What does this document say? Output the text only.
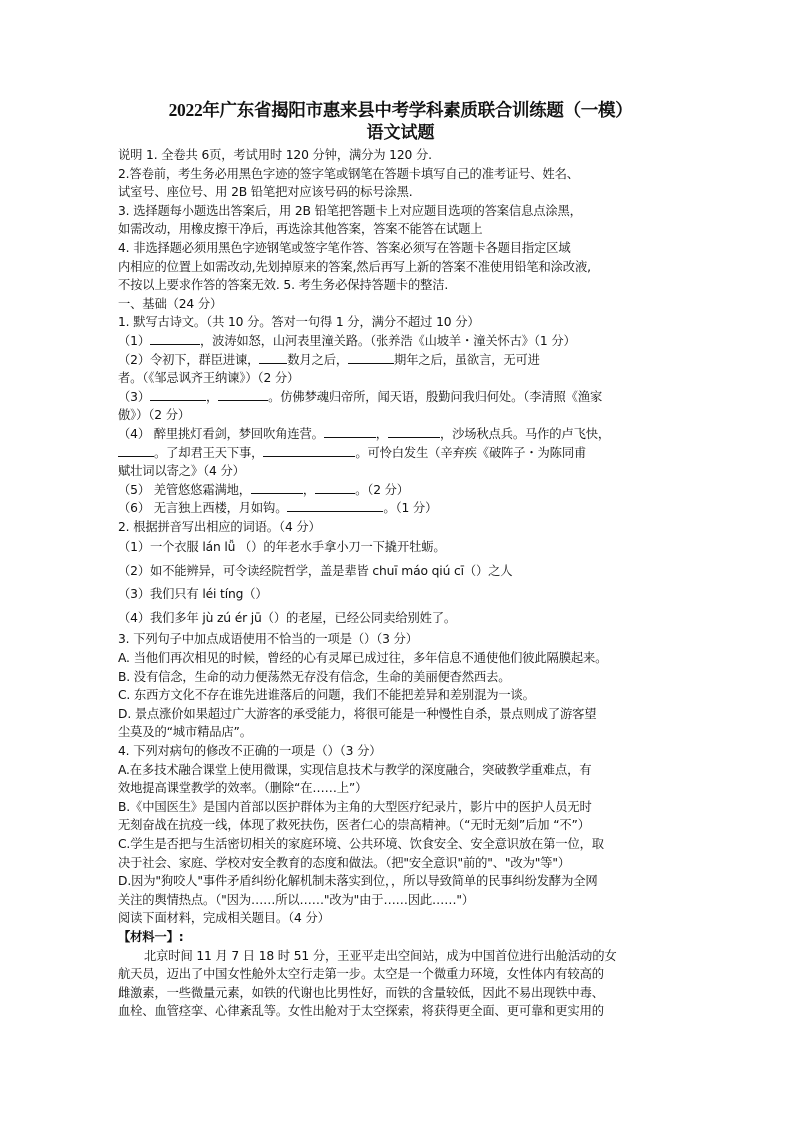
2022年广东省揭阳市惠来县中考学科素质联合训练题（一模）
语文试题
说明 1. 全卷共 6页，考试用时 120 分钟，满分为 120 分.
2.答卷前，考生务必用黑色字迹的签字笔或钢笔在答题卡填写自己的准考证号、姓名、
试室号、座位号、用 2B 铅笔把对应该号码的标号涂黑.
3. 选择题每小题选出答案后，用 2B 铅笔把答题卡上对应题目选项的答案信息点涂黑，
如需改动，用橡皮擦干净后，再选涂其他答案，答案不能答在试题上
4. 非选择题必须用黑色字迹钢笔或签字笔作答、答案必须写在答题卡各题目指定区域
内相应的位置上如需改动,先划掉原来的答案,然后再写上新的答案不准使用铅笔和涂改液,
不按以上要求作答的答案无效. 5. 考生务必保持答题卡的整洁.
一、基础（24 分）
1. 默写古诗文。（共 10 分。答对一句得 1 分，满分不超过 10 分）
（1）	，波涛如怒，山河表里潼关路。（张养浩《山坡羊・潼关怀古》（1 分）
（2）令初下，群臣进谏， 数月之后，	期年之后，虽欲言，无可进
者。（《邹忌讽齐王纳谏》）（2 分）
（3）	，	。仿佛梦魂归帝所，闻天语，殷勤问我归何处。（李清照《渔家
傲》）（2 分）
（4） 醉里挑灯看剑，梦回吹角连营。	，	，沙场秋点兵。马作的卢飞快，
。了却君王天下事，	。可怜白发生（辛弃疾《破阵子・为陈同甫
赋壮词以寄之》（4 分）
（5） 羌管悠悠霜满地，	，	。（2 分）
（6） 无言独上西楼，月如钩。	。（1 分）
2. 根据拼音写出相应的词语。（4 分）
（1）一个衣服 lán lǚ （）的年老水手拿小刀一下撬开牡蛎。
（2）如不能辨异，可令读经院哲学，盖是辈皆 chuī máo qiú cī（）之人
（3）我们只有 léi tíng（）
（4）我们多年 jù zú ér jū（）的老屋，已经公同卖给别姓了。
3. 下列句子中加点成语使用不恰当的一项是（）（3 分）
A. 当他们再次相见的时候，曾经的心有灵犀已成过往，多年信息不通使他们彼此隔膜起来。
B. 没有信念，生命的动力便荡然无存没有信念，生命的美丽便杳然西去。
C. 东西方文化不存在谁先进谁落后的问题，我们不能把差异和差别混为一谈。
D. 景点涨价如果超过广大游客的承受能力，将很可能是一种慢性自杀，景点则成了游客望
尘莫及的“城市精品店”。
4. 下列对病句的修改不正确的一项是（）（3 分）
A.在多技术融合课堂上使用微课，实现信息技术与教学的深度融合，突破教学重难点，有
效地提高课堂教学的效率。（删除“在……上”）
B.《中国医生》是国内首部以医护群体为主角的大型医疗纪录片，影片中的医护人员无时
无刻奋战在抗疫一线，体现了救死扶伤，医者仁心的崇高精神。（“无时无刻”后加 “不”）
C.学生是否把与生活密切相关的家庭环境、公共环境、饮食安全、安全意识放在第一位，取
决于社会、家庭、学校对安全教育的态度和做法。（把"安全意识"前的"、"改为"等"）
D.因为"狗咬人"事件矛盾纠纷化解机制未落实到位，，所以导致简单的民事纠纷发酵为全网
关注的舆情热点。（"因为……所以……"改为"由于……因此……"）
阅读下面材料，完成相关题目。（4 分）
【材料一】:
北京时间 11 月 7 日 18 时 51 分，王亚平走出空间站，成为中国首位进行出舱活动的女
航天员，迈出了中国女性舱外太空行走第一步。太空是一个微重力环境，女性体内有较高的
雌激素，一些微量元素，如铁的代谢也比男性好，而铁的含量较低，因此不易出现铁中毒、
血栓、血管痉挛、心律紊乱等。女性出舱对于太空探索，将获得更全面、更可靠和更实用的
